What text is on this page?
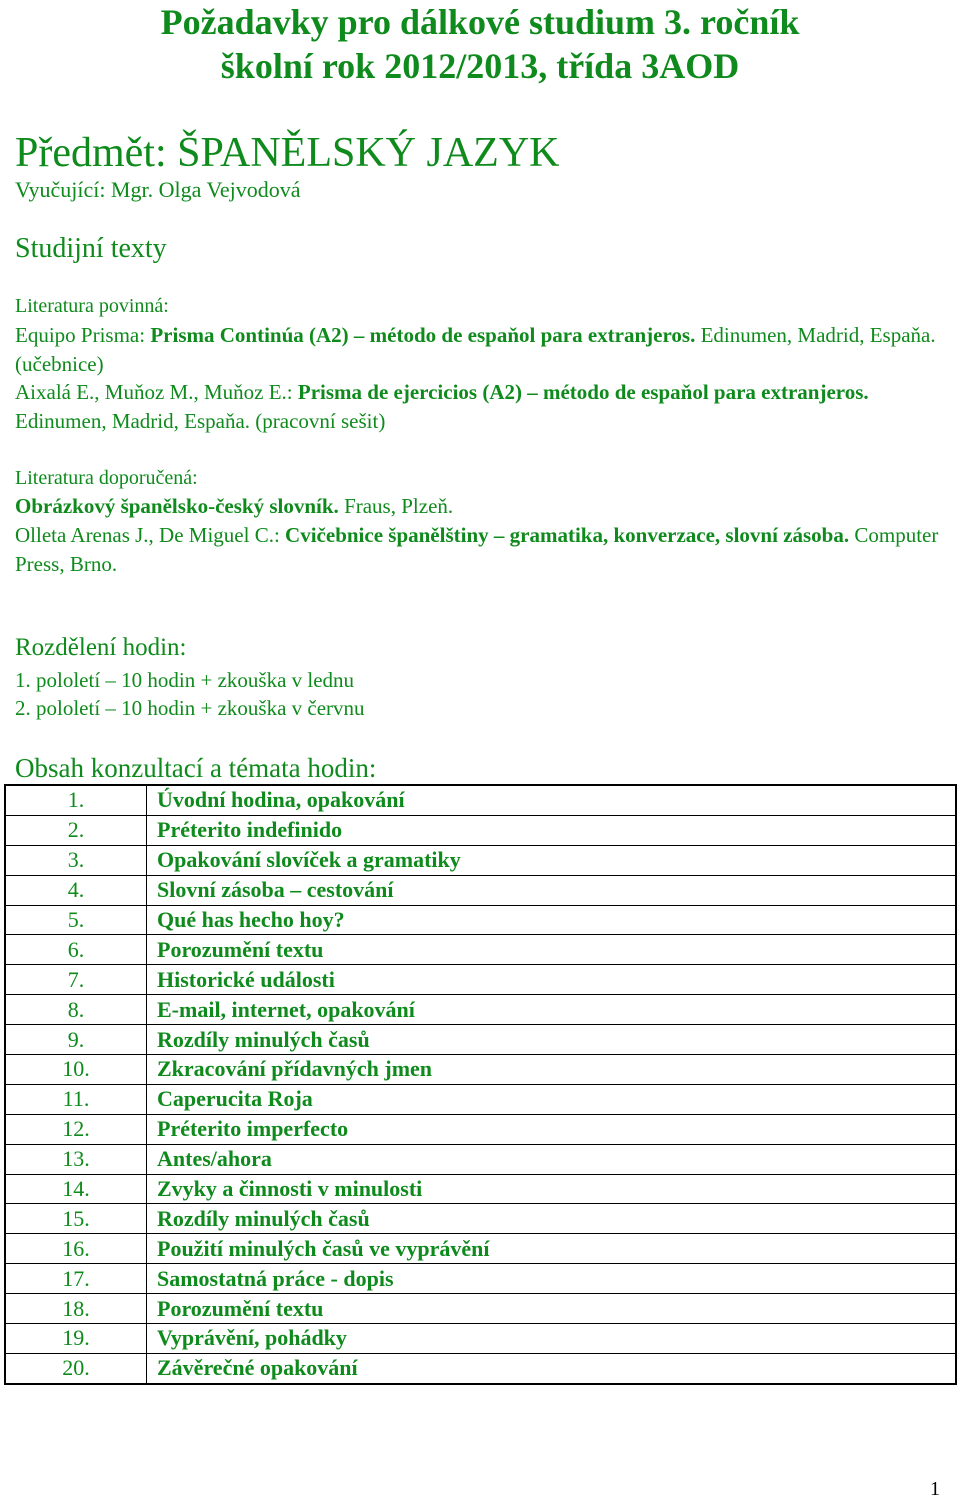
Požadavky pro dálkové studium 3. ročník
školní rok 2012/2013, třída 3AOD
Předmět: ŠPANĚLSKÝ JAZYK
Vyučující: Mgr. Olga Vejvodová
Studijní texty
Literatura povinná:
Equipo Prisma: Prisma Continúa (A2) – método de espaňol para extranjeros. Edinumen, Madrid, Espaňa. (učebnice)
Aixalá E., Muňoz M., Muňoz E.: Prisma de ejercicios (A2) – método de espaňol para extranjeros. Edinumen, Madrid, Espaňa. (pracovní sešit)
Literatura doporučená:
Obrázkový španělsko-český slovník. Fraus, Plzeň.
Olleta Arenas J., De Miguel C.: Cvičebnice španělštiny – gramatika, konverzace, slovní zásoba. Computer Press, Brno.
Rozdělení hodin:
1. pololetí – 10 hodin + zkouška v lednu
2. pololetí – 10 hodin + zkouška v červnu
Obsah konzultací a témata hodin:
1.	Úvodní hodina, opakování
2.	Préterito indefinido
3.	Opakování slovíček a gramatiky
4.	Slovní zásoba – cestování
5.	Qué has hecho hoy?
6.	Porozumění textu
7.	Historické události
8.	E-mail, internet, opakování
9.	Rozdíly minulých časů
10.	Zkracování přídavných jmen
11.	Caperucita Roja
12.	Préterito imperfecto
13.	Antes/ahora
14.	Zvyky a činnosti v minulosti
15.	Rozdíly minulých časů
16.	Použití minulých časů ve vyprávění
17.	Samostatná práce - dopis
18.	Porozumění textu
19.	Vyprávění, pohádky
20.	Závěrečné opakování
1
